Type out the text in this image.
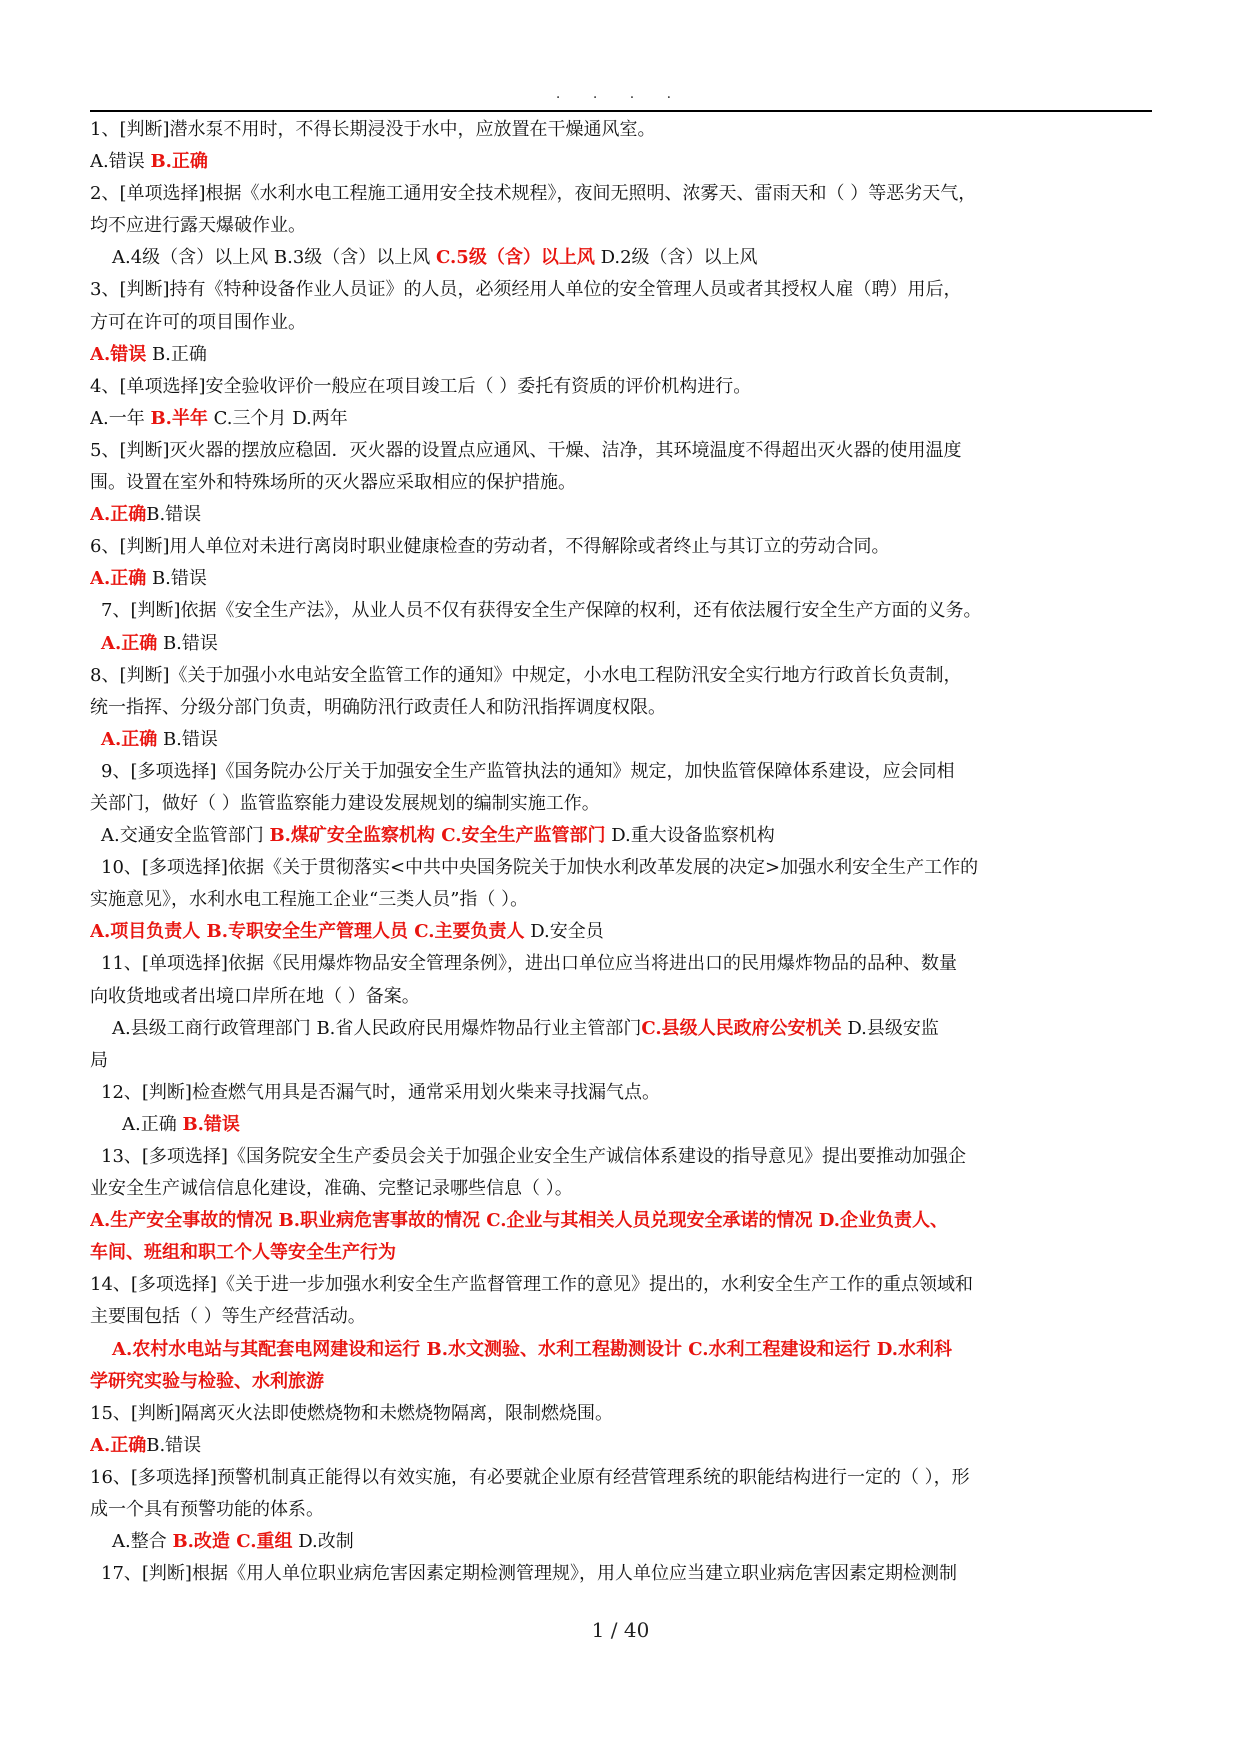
. . . .
1、[判断]潜水泵不用时，不得长期浸没于水中，应放置在干燥通风室。
A.错误 B.正确
2、[单项选择]根据《水利水电工程施工通用安全技术规程》，夜间无照明、浓雾天、雷雨天和（ ）等恶劣天气，
均不应进行露天爆破作业。
A.4级（含）以上风 B.3级（含）以上风 C.5级（含）以上风 D.2级（含）以上风
3、[判断]持有《特种设备作业人员证》的人员，必须经用人单位的安全管理人员或者其授权人雇（聘）用后，
方可在许可的项目围作业。
A.错误 B.正确
4、[单项选择]安全验收评价一般应在项目竣工后（ ）委托有资质的评价机构进行。
A.一年 B.半年 C.三个月 D.两年
5、[判断]灭火器的摆放应稳固．灭火器的设置点应通风、干燥、洁净，其环境温度不得超出灭火器的使用温度
围。设置在室外和特殊场所的灭火器应采取相应的保护措施。
A.正确B.错误
6、[判断]用人单位对未进行离岗时职业健康检查的劳动者，不得解除或者终止与其订立的劳动合同。
A.正确 B.错误
7、[判断]依据《安全生产法》，从业人员不仅有获得安全生产保障的权利，还有依法履行安全生产方面的义务。
A.正确 B.错误
8、[判断]《关于加强小水电站安全监管工作的通知》中规定，小水电工程防汛安全实行地方行政首长负责制，
统一指挥、分级分部门负责，明确防汛行政责任人和防汛指挥调度权限。
A.正确 B.错误
9、[多项选择]《国务院办公厅关于加强安全生产监管执法的通知》规定，加快监管保障体系建设，应会同相
关部门，做好（ ）监管监察能力建设发展规划的编制实施工作。
A.交通安全监管部门 B.煤矿安全监察机构 C.安全生产监管部门 D.重大设备监察机构
10、[多项选择]依据《关于贯彻落实<中共中央国务院关于加快水利改革发展的决定>加强水利安全生产工作的
实施意见》，水利水电工程施工企业“三类人员”指（ ）。
A.项目负责人 B.专职安全生产管理人员 C.主要负责人 D.安全员
11、[单项选择]依据《民用爆炸物品安全管理条例》，进出口单位应当将进出口的民用爆炸物品的品种、数量
向收货地或者出境口岸所在地（ ）备案。
A.县级工商行政管理部门 B.省人民政府民用爆炸物品行业主管部门C.县级人民政府公安机关 D.县级安监
局
12、[判断]检查燃气用具是否漏气时，通常采用划火柴来寻找漏气点。
A.正确 B.错误
13、[多项选择]《国务院安全生产委员会关于加强企业安全生产诚信体系建设的指导意见》提出要推动加强企
业安全生产诚信信息化建设，准确、完整记录哪些信息（ ）。
A.生产安全事故的情况 B.职业病危害事故的情况 C.企业与其相关人员兑现安全承诺的情况 D.企业负责人、
车间、班组和职工个人等安全生产行为
14、[多项选择]《关于进一步加强水利安全生产监督管理工作的意见》提出的，水利安全生产工作的重点领域和
主要围包括（ ）等生产经营活动。
A.农村水电站与其配套电网建设和运行 B.水文测验、水利工程勘测设计 C.水利工程建设和运行 D.水利科
学研究实验与检验、水利旅游
15、[判断]隔离灭火法即使燃烧物和未燃烧物隔离，限制燃烧围。
A.正确B.错误
16、[多项选择]预警机制真正能得以有效实施，有必要就企业原有经营管理系统的职能结构进行一定的（ ），形
成一个具有预警功能的体系。
A.整合 B.改造 C.重组 D.改制
17、[判断]根据《用人单位职业病危害因素定期检测管理规》，用人单位应当建立职业病危害因素定期检测制
1 / 40
